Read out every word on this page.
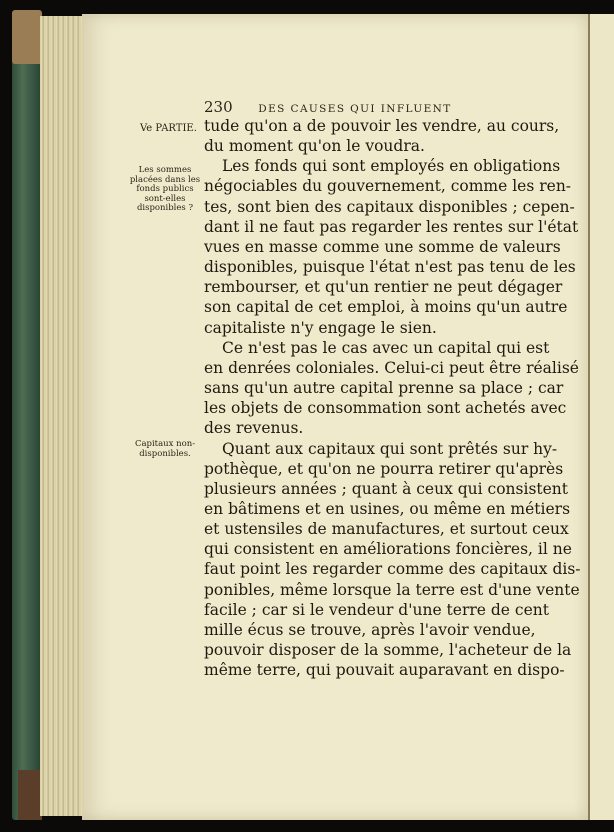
230 DES CAUSES QUI INFLUENT
Ve PARTIE.
Les sommes
placées dans les
fonds publics
sont-elles
disponibles ?
Capitaux non-
disponibles.
tude qu'on a de pouvoir les vendre, au cours,
du moment qu'on le voudra.
Les fonds qui sont employés en obligations
négociables du gouvernement, comme les ren-
tes, sont bien des capitaux disponibles ; cepen-
dant il ne faut pas regarder les rentes sur l'état
vues en masse comme une somme de valeurs
disponibles, puisque l'état n'est pas tenu de les
rembourser, et qu'un rentier ne peut dégager
son capital de cet emploi, à moins qu'un autre
capitaliste n'y engage le sien.
Ce n'est pas le cas avec un capital qui est
en denrées coloniales. Celui-ci peut être réalisé
sans qu'un autre capital prenne sa place ; car
les objets de consommation sont achetés avec
des revenus.
Quant aux capitaux qui sont prêtés sur hy-
pothèque, et qu'on ne pourra retirer qu'après
plusieurs années ; quant à ceux qui consistent
en bâtimens et en usines, ou même en métiers
et ustensiles de manufactures, et surtout ceux
qui consistent en améliorations foncières, il ne
faut point les regarder comme des capitaux dis-
ponibles, même lorsque la terre est d'une vente
facile ; car si le vendeur d'une terre de cent
mille écus se trouve, après l'avoir vendue,
pouvoir disposer de la somme, l'acheteur de la
même terre, qui pouvait auparavant en dispo-
